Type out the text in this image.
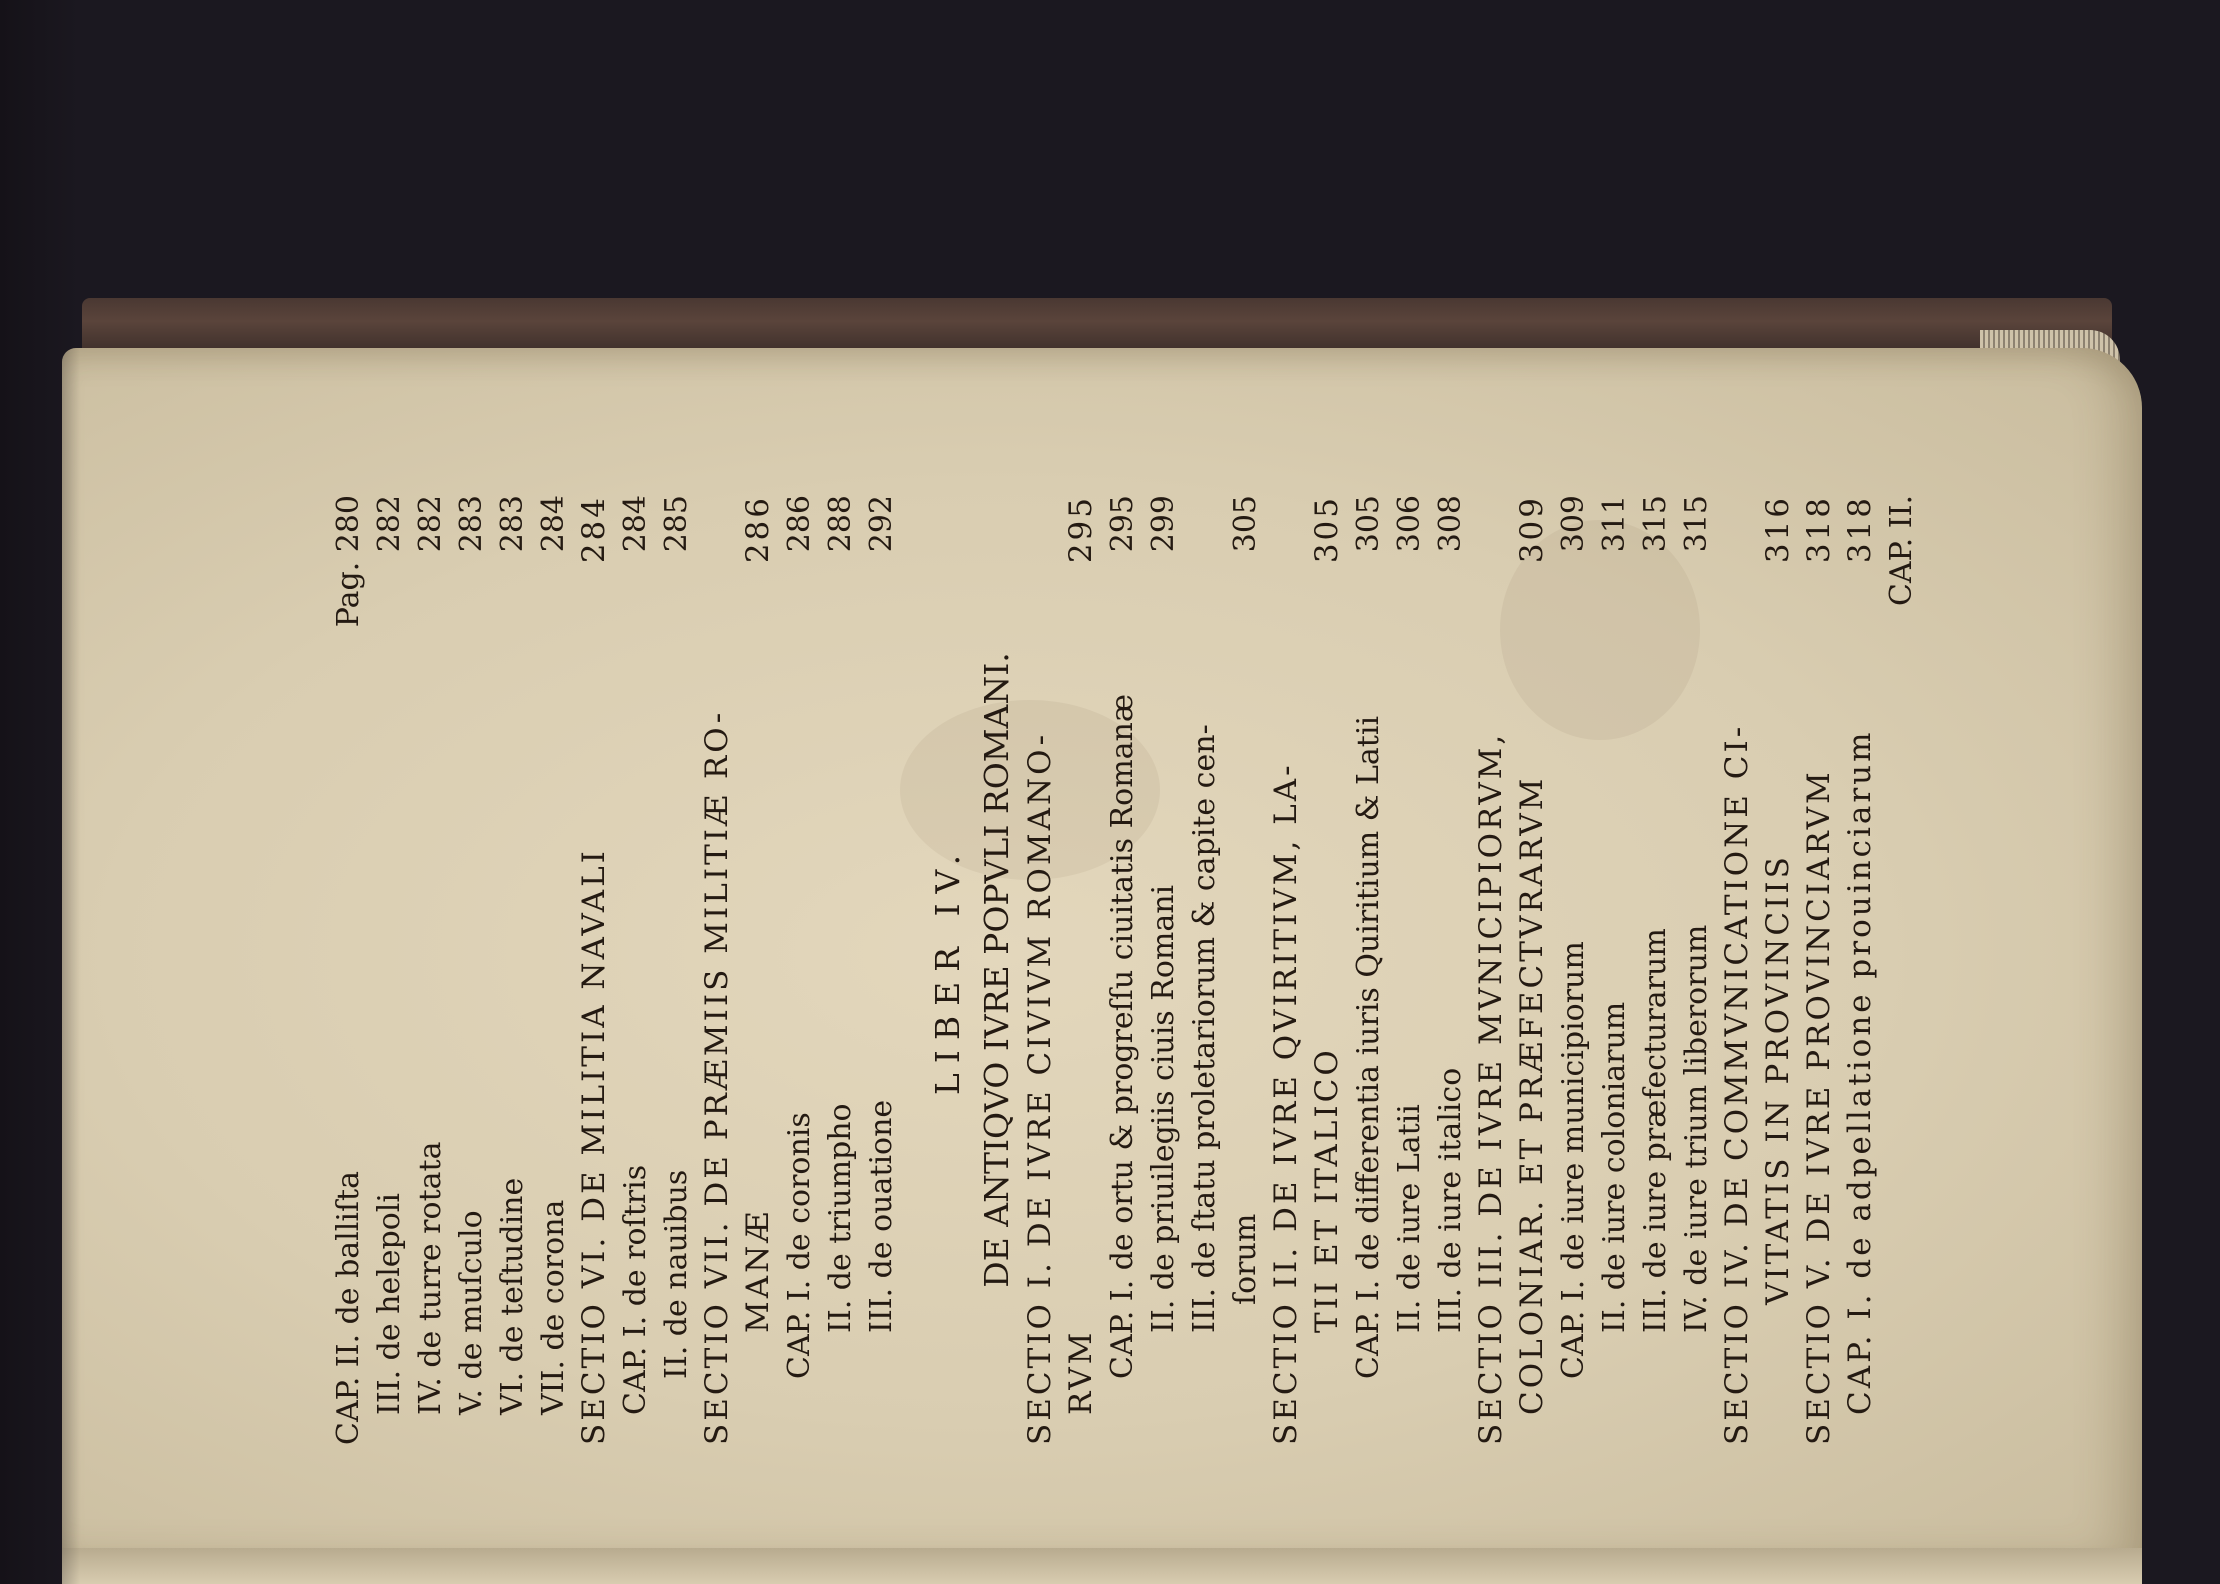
CAP. II. de balliſta
Pag. 280
III. de helepoli
282
IV. de turre rotata
282
V. de muſculo
283
VI. de teſtudine
283
VII. de corona
284
SECTIO VI. DE MILITIA NAVALI
284
CAP. I. de roſtris
284
II. de nauibus
285
SECTIO VII. DE PRÆMIIS MILITIÆ RO- MANÆ
286
CAP. I. de coronis
286
II. de triumpho
288
III. de ouatione
292
LIBER IV. DE ANTIQVO IVRE POPVLI ROMANI. SECTIO I. DE IVRE CIVIVM ROMANO- RVM
295
CAP. I. de ortu & progreſſu ciuitatis Romanæ
295
II. de priuilegiis ciuis Romani
299
III. de ſtatu proletariorum & capite cen- ſorum
305
SECTIO II. DE IVRE QVIRITIVM, LA- TII ET ITALICO
305
CAP. I. de differentia iuris Quiritium & Latii
305
II. de iure Latii
306
III. de iure italico
308
SECTIO III. DE IVRE MVNICIPIORVM, COLONIAR. ET PRÆFECTVRARVM
309
CAP. I. de iure municipiorum
309
II. de iure coloniarum
311
III. de iure præfecturarum
315
IV. de iure trium liberorum
315
SECTIO IV. DE COMMVNICATIONE CI- VITATIS IN PROVINCIIS
316
SECTIO V. DE IVRE PROVINCIARVM
318
CAP. I. de adpellatione prouinciarum
318 CAP. II.
